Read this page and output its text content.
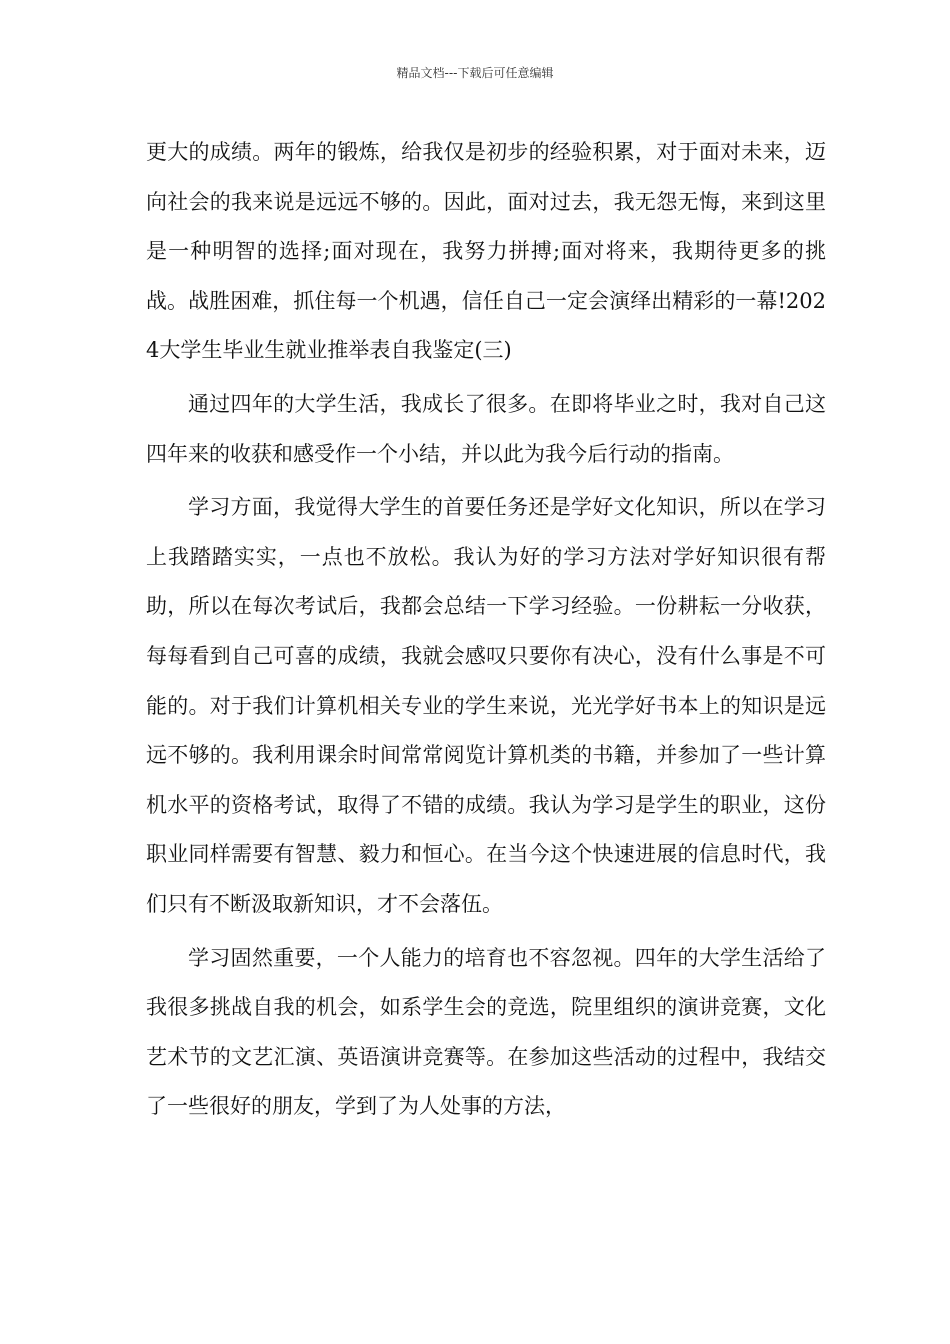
精品文档---下载后可任意编辑

更大的成绩。两年的锻炼，给我仅是初步的经验积累，对于面对未来，迈向社会的我来说是远远不够的。因此，面对过去，我无怨无悔，来到这里是一种明智的选择;面对现在，我努力拼搏;面对将来，我期待更多的挑战。战胜困难，抓住每一个机遇，信任自己一定会演绎出精彩的一幕!2024大学生毕业生就业推举表自我鉴定(三)

通过四年的大学生活，我成长了很多。在即将毕业之时，我对自己这四年来的收获和感受作一个小结，并以此为我今后行动的指南。

学习方面，我觉得大学生的首要任务还是学好文化知识，所以在学习上我踏踏实实，一点也不放松。我认为好的学习方法对学好知识很有帮助，所以在每次考试后，我都会总结一下学习经验。一份耕耘一分收获，每每看到自己可喜的成绩，我就会感叹只要你有决心，没有什么事是不可能的。对于我们计算机相关专业的学生来说，光光学好书本上的知识是远远不够的。我利用课余时间常常阅览计算机类的书籍，并参加了一些计算机水平的资格考试，取得了不错的成绩。我认为学习是学生的职业，这份职业同样需要有智慧、毅力和恒心。在当今这个快速进展的信息时代，我们只有不断汲取新知识，才不会落伍。

学习固然重要，一个人能力的培育也不容忽视。四年的大学生活给了我很多挑战自我的机会，如系学生会的竞选，院里组织的演讲竞赛，文化艺术节的文艺汇演、英语演讲竞赛等。在参加这些活动的过程中，我结交了一些很好的朋友，学到了为人处事的方法，
